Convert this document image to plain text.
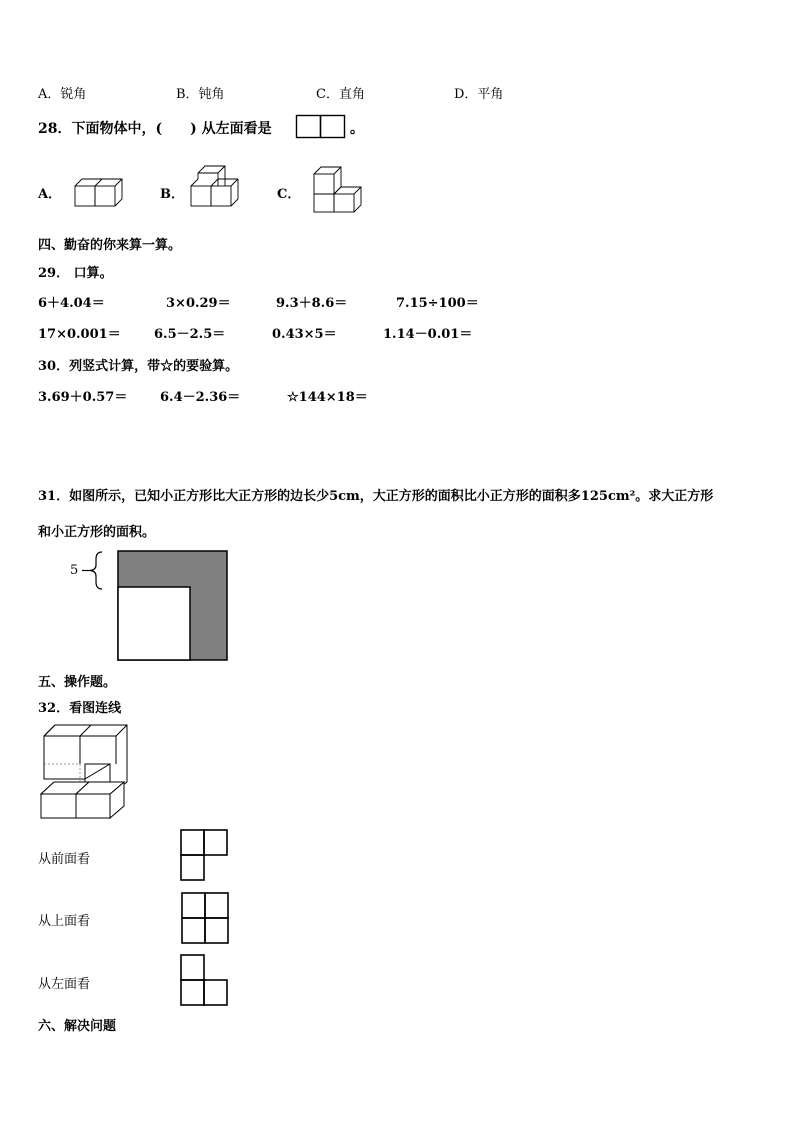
A．锐角	B．钝角	C．直角	D．平角
28．下面物体中，(　　) 从左面看是	。
A．	B．	C．
四、勤奋的你来算一算。
29． 口算。
6＋4.04＝	3×0.29＝	9.3＋8.6＝	7.15÷100＝
17×0.001＝	6.5－2.5＝	0.43×5＝	1.14－0.01＝
30．列竖式计算，带☆的要验算。
3.69＋0.57＝	6.4－2.36＝	☆144×18＝
31．如图所示，已知小正方形比大正方形的边长少5cm，大正方形的面积比小正方形的面积多125cm²。求大正方形
和小正方形的面积。
5
五、操作题。
32．看图连线
从前面看
从上面看
从左面看
六、解决问题
